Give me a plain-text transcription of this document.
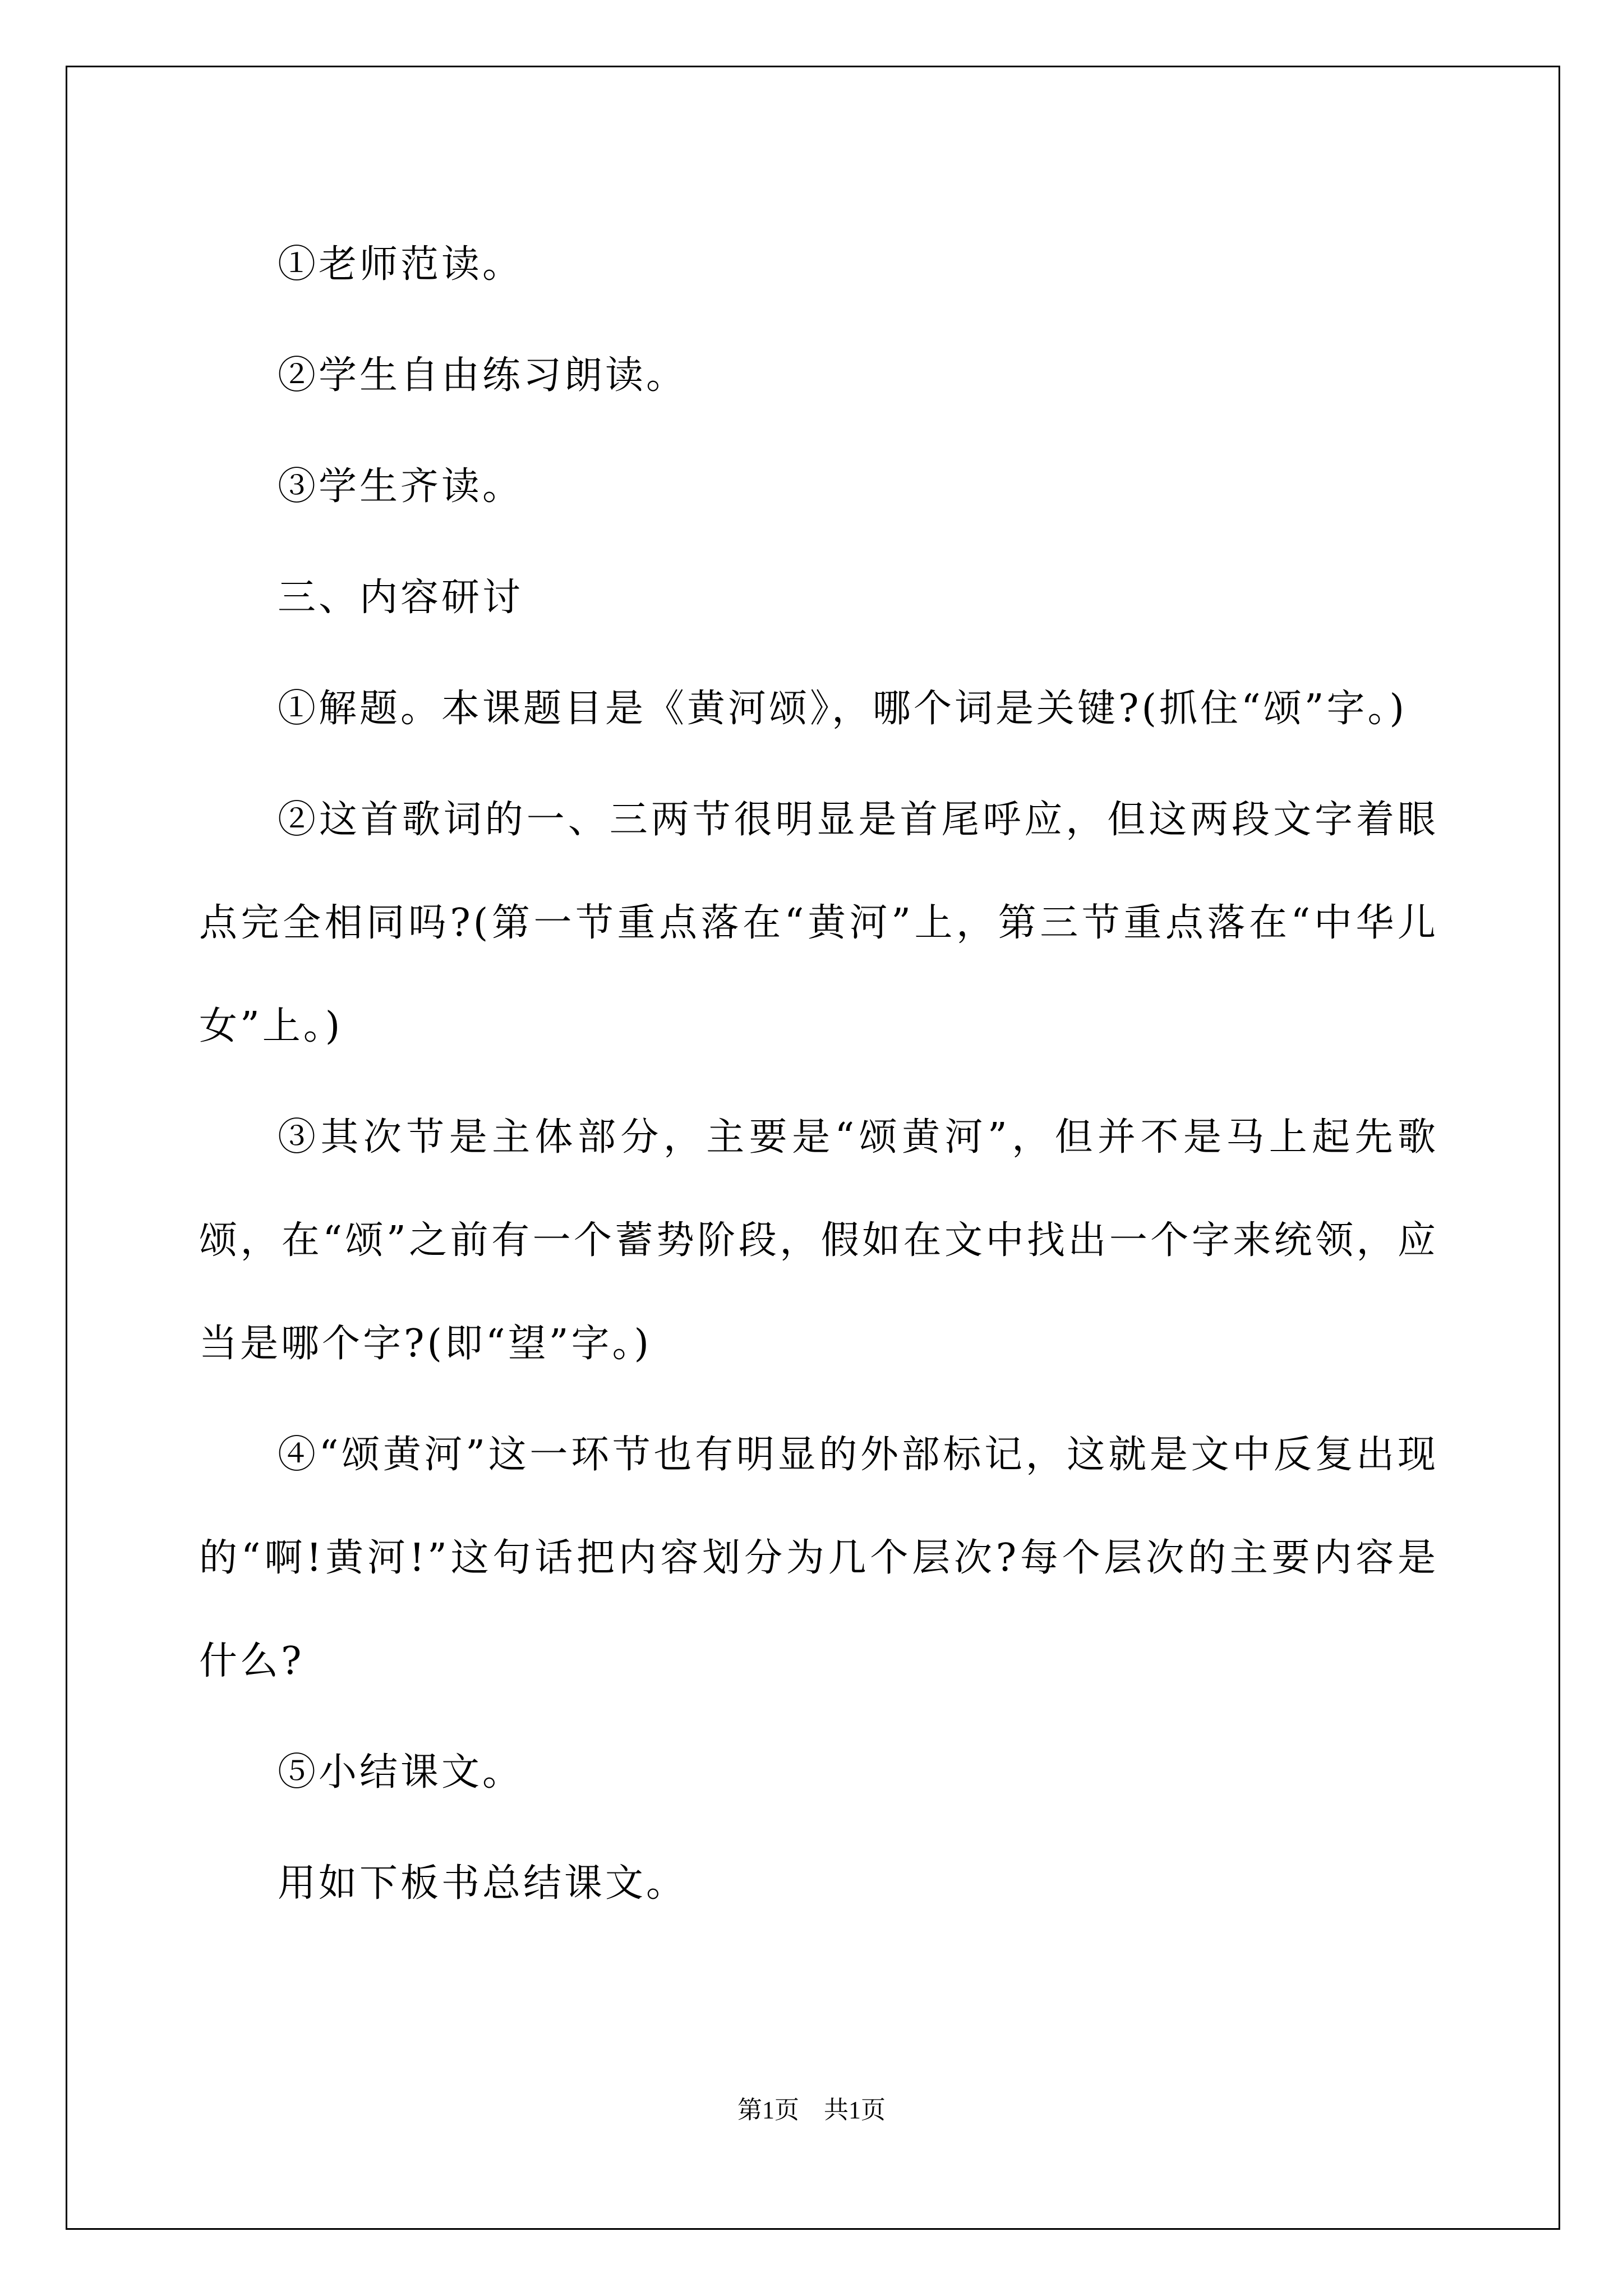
①老师范读。

②学生自由练习朗读。

③学生齐读。

三、内容研讨

①解题。本课题目是《黄河颂》，哪个词是关键?(抓住“颂”字。)

②这首歌词的一、三两节很明显是首尾呼应，但这两段文字着眼点完全相同吗?(第一节重点落在“黄河”上，第三节重点落在“中华儿女”上。)

③其次节是主体部分，主要是“颂黄河”，但并不是马上起先歌颂，在“颂”之前有一个蓄势阶段，假如在文中找出一个字来统领，应当是哪个字?(即“望”字。)

④“颂黄河”这一环节也有明显的外部标记，这就是文中反复出现的“啊!黄河!”这句话把内容划分为几个层次?每个层次的主要内容是什么?

⑤小结课文。

用如下板书总结课文。

第1页　共1页
